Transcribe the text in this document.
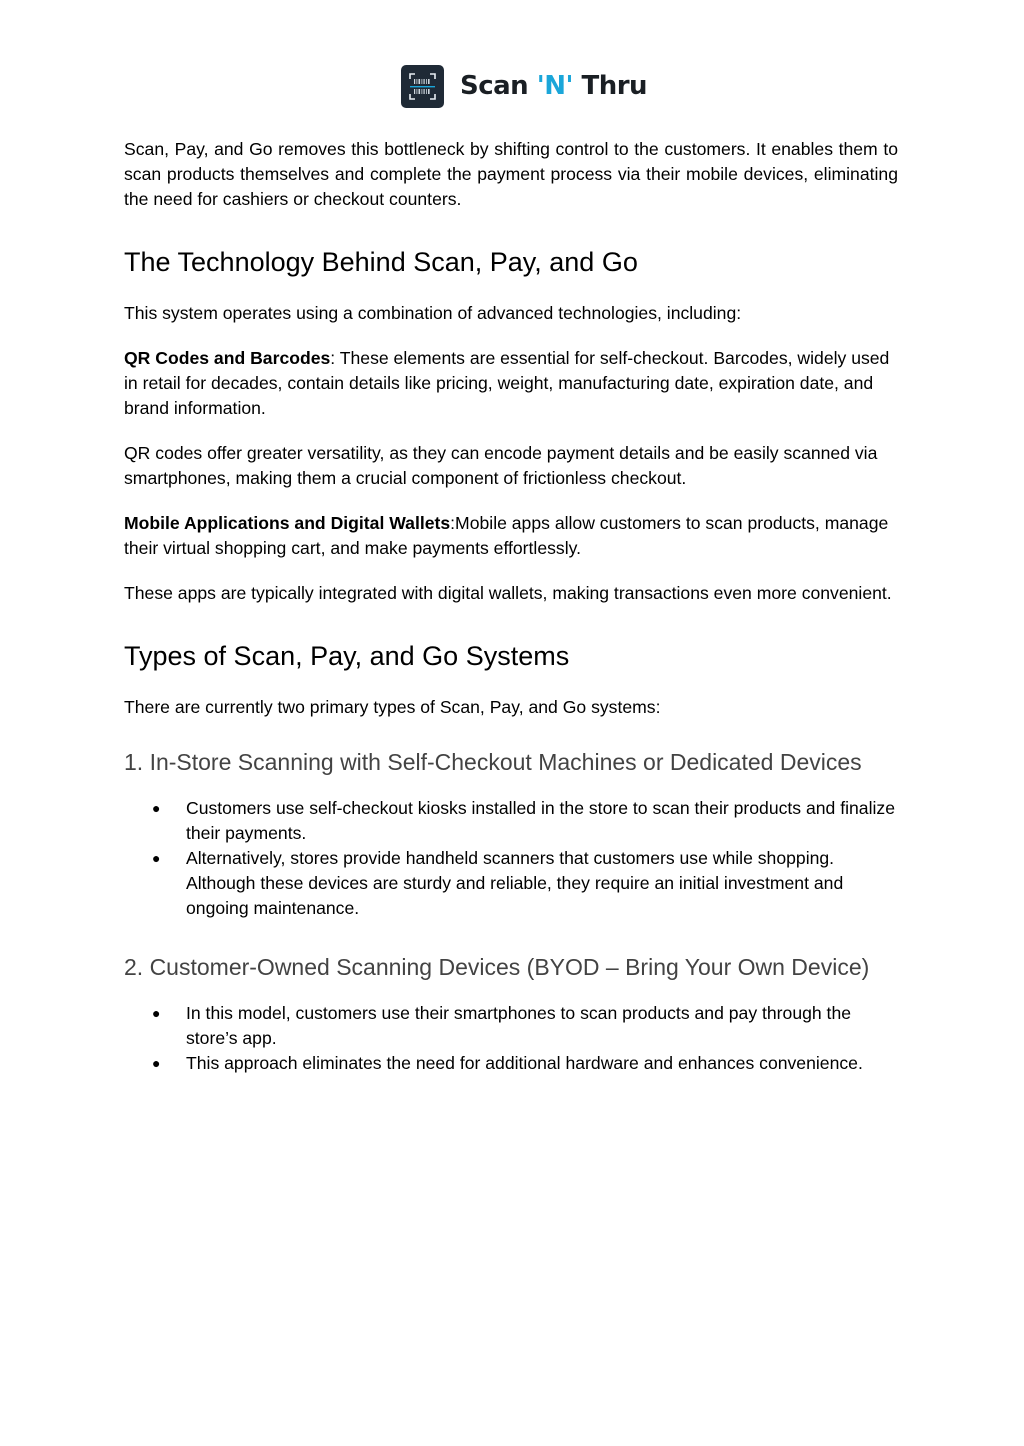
Scan 'N' Thru

Scan, Pay, and Go removes this bottleneck by shifting control to the customers. It enables them to scan products themselves and complete the payment process via their mobile devices, eliminating the need for cashiers or checkout counters.

The Technology Behind Scan, Pay, and Go

This system operates using a combination of advanced technologies, including:

QR Codes and Barcodes: These elements are essential for self-checkout. Barcodes, widely used in retail for decades, contain details like pricing, weight, manufacturing date, expiration date, and brand information.

QR codes offer greater versatility, as they can encode payment details and be easily scanned via smartphones, making them a crucial component of frictionless checkout.

Mobile Applications and Digital Wallets:Mobile apps allow customers to scan products, manage their virtual shopping cart, and make payments effortlessly.

These apps are typically integrated with digital wallets, making transactions even more convenient.

Types of Scan, Pay, and Go Systems

There are currently two primary types of Scan, Pay, and Go systems:

1. In-Store Scanning with Self-Checkout Machines or Dedicated Devices
● Customers use self-checkout kiosks installed in the store to scan their products and finalize their payments.
● Alternatively, stores provide handheld scanners that customers use while shopping. Although these devices are sturdy and reliable, they require an initial investment and ongoing maintenance.
2. Customer-Owned Scanning Devices (BYOD – Bring Your Own Device)
● In this model, customers use their smartphones to scan products and pay through the store’s app.
● This approach eliminates the need for additional hardware and enhances convenience.
